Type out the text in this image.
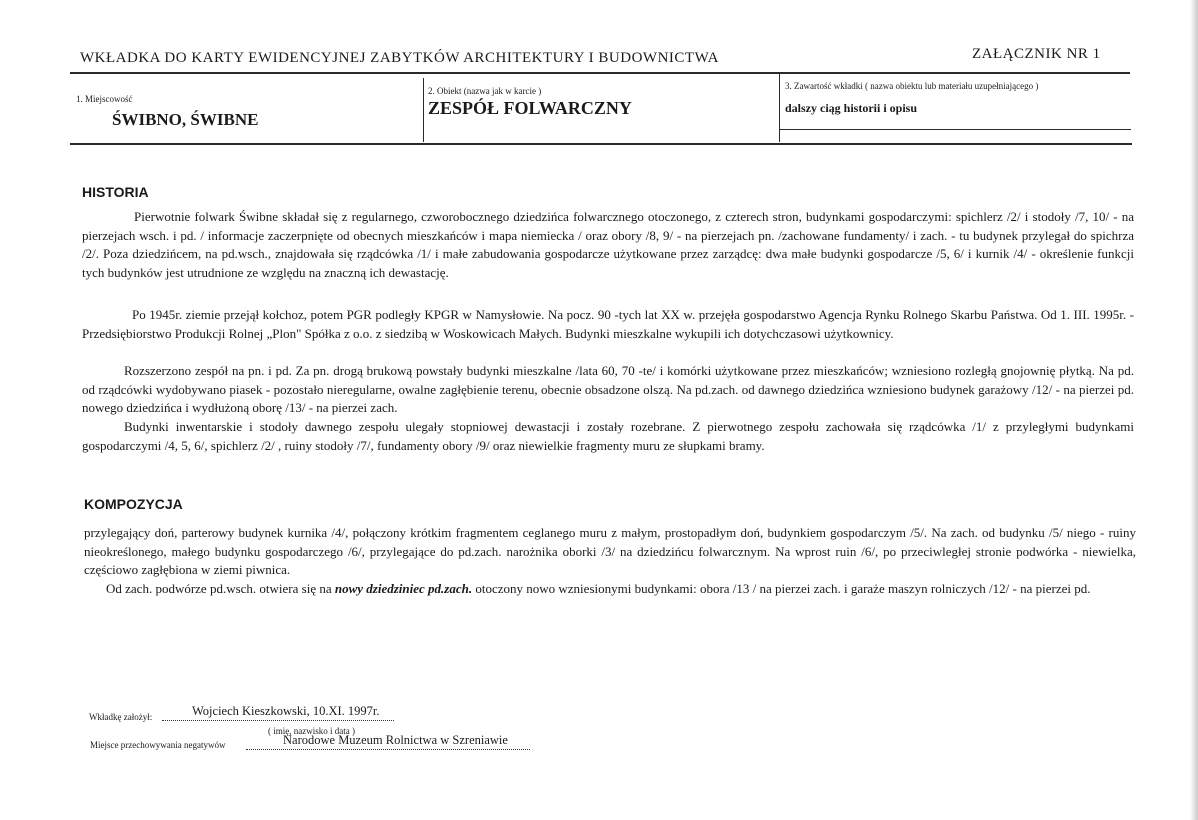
WKŁADKA DO KARTY EWIDENCYJNEJ ZABYTKÓW ARCHITEKTURY I BUDOWNICTWA	ZAŁĄCZNIK NR 1
1. Miejscowość
ŚWIBNO, ŚWIBNE
2. Obiekt (nazwa jak w karcie )
ZESPÓŁ FOLWARCZNY
3. Zawartość wkładki ( nazwa obiektu lub materiału uzupełniającego )
dalszy ciąg historii i opisu
HISTORIA
Pierwotnie folwark Świbne składał się z regularnego, czworobocznego dziedzińca folwarcznego otoczonego, z czterech stron, budynkami gospodarczymi: spichlerz /2/ i stodoły /7, 10/ - na pierzejach wsch. i pd. / informacje zaczerpnięte od obecnych mieszkańców i mapa niemiecka / oraz obory /8, 9/ - na pierzejach pn. /zachowane fundamenty/ i zach. - tu budynek przylegał do spichrza /2/. Poza dziedzińcem, na pd.wsch., znajdowała się rządcówka /1/ i małe zabudowania gospodarcze użytkowane przez zarządcę: dwa małe budynki gospodarcze /5, 6/ i kurnik /4/ - określenie funkcji tych budynków jest utrudnione ze względu na znaczną ich dewastację.
Po 1945r. ziemie przejął kołchoz, potem PGR podległy KPGR w Namysłowie. Na pocz. 90 -tych lat XX w. przejęła gospodarstwo Agencja Rynku Rolnego Skarbu Państwa. Od 1. III. 1995r. - Przedsiębiorstwo Produkcji Rolnej „Plon" Spółka z o.o. z siedzibą w Woskowicach Małych. Budynki mieszkalne wykupili ich dotychczasowi użytkownicy.
Rozszerzono zespół na pn. i pd. Za pn. drogą brukową powstały budynki mieszkalne /lata 60, 70 -te/ i komórki użytkowane przez mieszkańców; wzniesiono rozległą gnojownię płytką. Na pd. od rządcówki wydobywano piasek - pozostało nieregularne, owalne zagłębienie terenu, obecnie obsadzone olszą. Na pd.zach. od dawnego dziedzińca wzniesiono budynek garażowy /12/ - na pierzei pd. nowego dziedzińca i wydłużoną oborę /13/ - na pierzei zach.
Budynki inwentarskie i stodoły dawnego zespołu ulegały stopniowej dewastacji i zostały rozebrane. Z pierwotnego zespołu zachowała się rządcówka /1/ z przyległymi budynkami gospodarczymi /4, 5, 6/, spichlerz /2/ , ruiny stodoły /7/, fundamenty obory /9/ oraz niewielkie fragmenty muru ze słupkami bramy.
KOMPOZYCJA
przylegający doń, parterowy budynek kurnika /4/, połączony krótkim fragmentem ceglanego muru z małym, prostopadłym doń, budynkiem gospodarczym /5/. Na zach. od budynku /5/ niego - ruiny nieokreślonego, małego budynku gospodarczego /6/, przylegające do pd.zach. narożnika oborki /3/ na dziedzińcu folwarcznym. Na wprost ruin /6/, po przeciwległej stronie podwórka - niewielka, częściowo zagłębiona w ziemi piwnica.
Od zach. podwórze pd.wsch. otwiera się na nowy dziedziniec pd.zach. otoczony nowo wzniesionymi budynkami: obora /13 / na pierzei zach. i garaże maszyn rolniczych /12/ - na pierzei pd.
Wkładkę założył:	Wojciech Kieszkowski, 10.XI. 1997r.
( imię, nazwisko i data )
Miejsce przechowywania negatywów	Narodowe Muzeum Rolnictwa w Szreniawie
